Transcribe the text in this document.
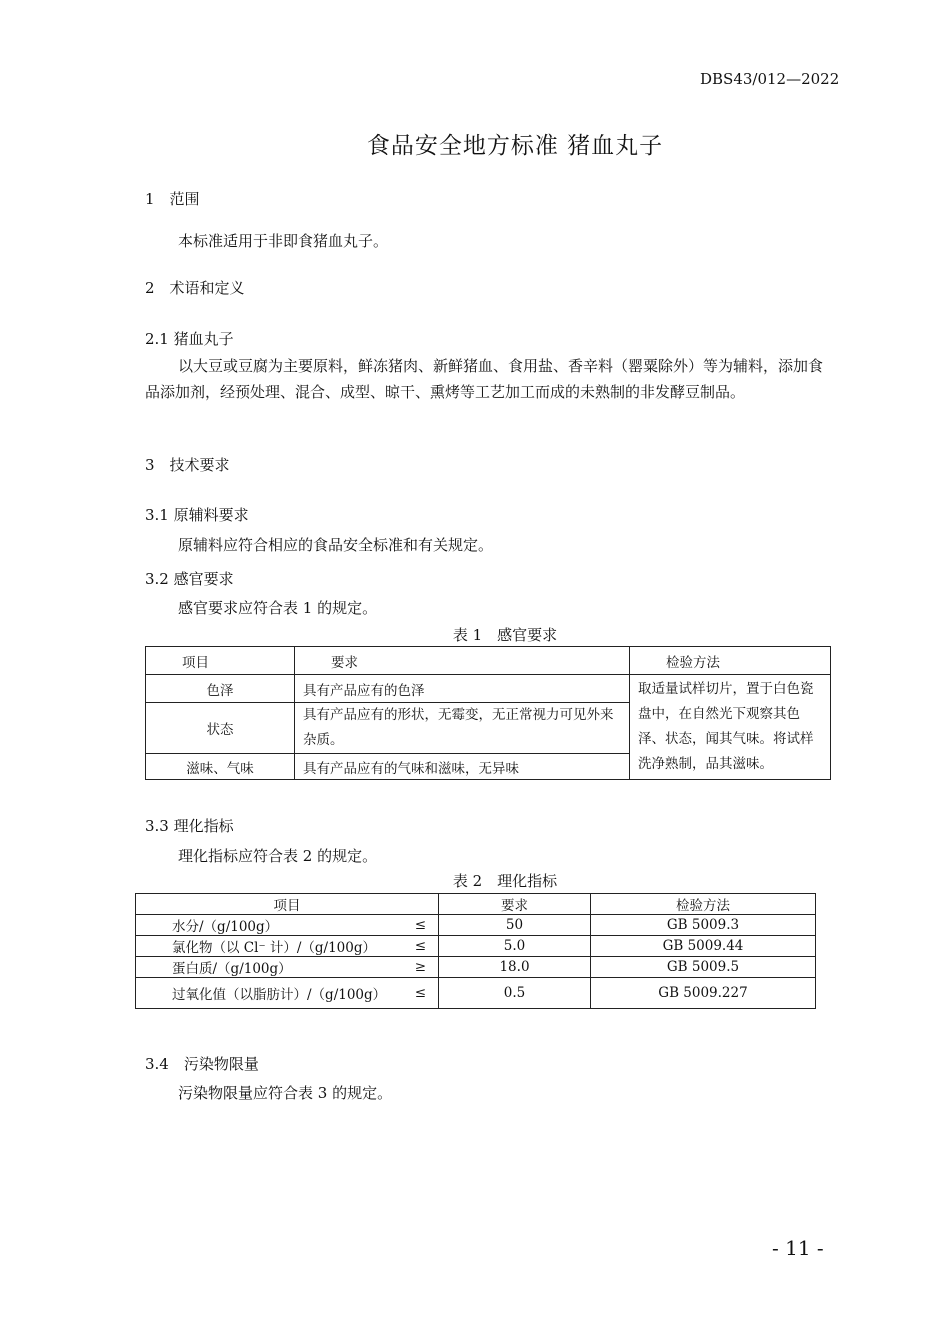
DBS43/012—2022
食品安全地方标准 猪血丸子
1　范围
本标准适用于非即食猪血丸子。
2　术语和定义
2.1 猪血丸子
以大豆或豆腐为主要原料，鲜冻猪肉、新鲜猪血、食用盐、香辛料（罂粟除外）等为辅料，添加食品添加剂，经预处理、混合、成型、晾干、熏烤等工艺加工而成的未熟制的非发酵豆制品。
3　技术要求
3.1 原辅料要求
原辅料应符合相应的食品安全标准和有关规定。
3.2 感官要求
感官要求应符合表 1 的规定。
表 1　感官要求
项目	要求	检验方法
色泽	具有产品应有的色泽	取适量试样切片，置于白色瓷盘中，在自然光下观察其色泽、状态，闻其气味。将试样洗净熟制，品其滋味。
状态	具有产品应有的形状，无霉变，无正常视力可见外来杂质。	
滋味、气味	具有产品应有的气味和滋味，无异味	
3.3 理化指标
理化指标应符合表 2 的规定。
表 2　理化指标
项目	要求	检验方法
水分/（g/100g） ≤	50	GB 5009.3
氯化物（以 Cl⁻ 计）/（g/100g） ≤	5.0	GB 5009.44
蛋白质/（g/100g） ≥	18.0	GB 5009.5
过氧化值（以脂肪计）/（g/100g） ≤	0.5	GB 5009.227
3.4　污染物限量
污染物限量应符合表 3 的规定。
- 11 -
